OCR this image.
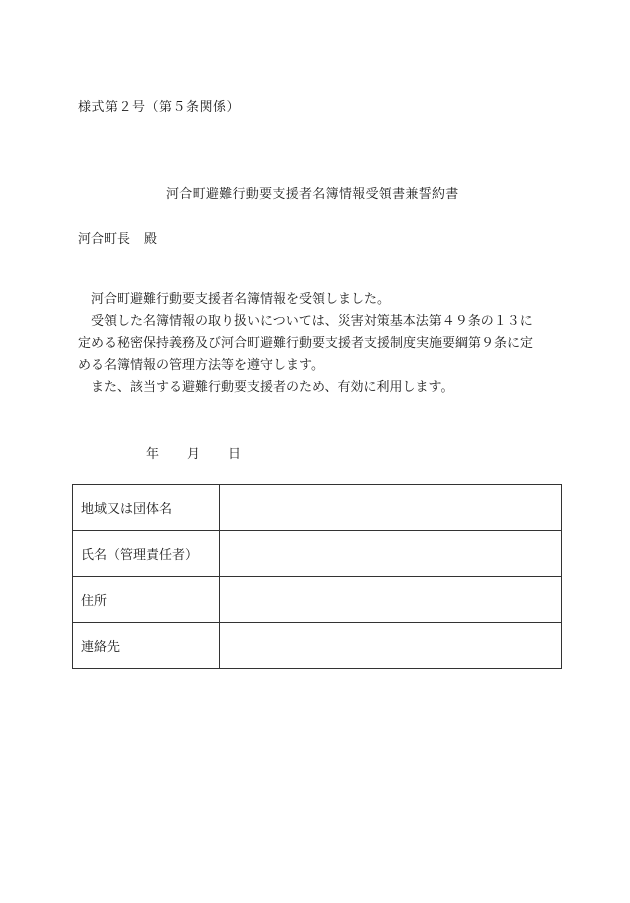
様式第２号（第５条関係）
河合町避難行動要支援者名簿情報受領書兼誓約書
河合町長 殿

河合町避難行動要支援者名簿情報を受領しました。

受領した名簿情報の取り扱いについては、災害対策基本法第４９条の１３に

定める秘密保持義務及び河合町避難行動要支援者支援制度実施要綱第９条に定

める名簿情報の管理方法等を遵守します。

また、該当する避難行動要支援者のため、有効に利用します。

年 月 日
地域又は団体名	
氏名（管理責任者）	
住所	
連絡先	
